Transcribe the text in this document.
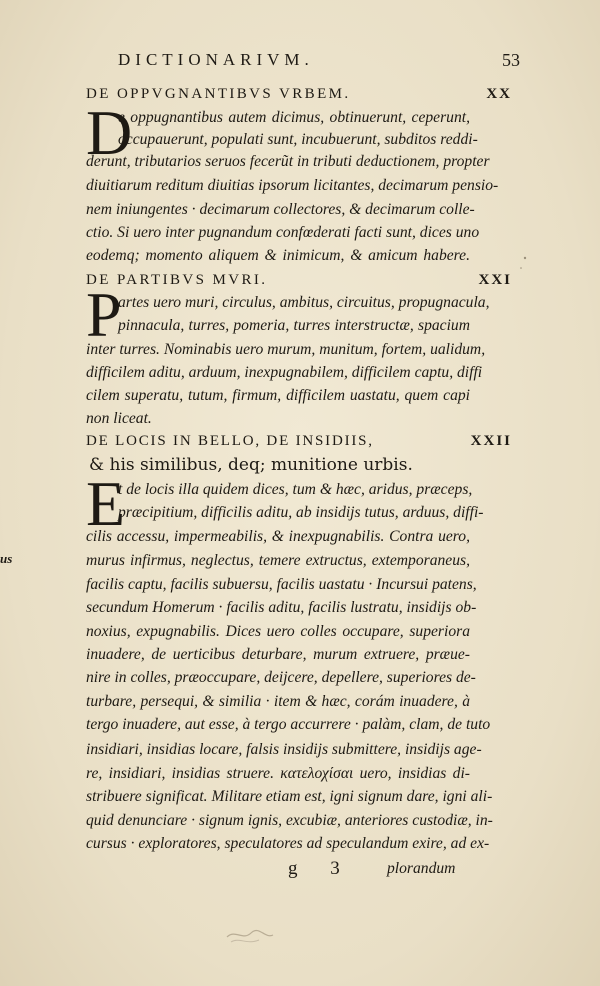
DICTIONARIVM.	53
DE OPPVGNANTIBVS VRBEM.	XX
D
e oppugnantibus autem dicimus, obtinuerunt, ceperunt,
occupauerunt, populati sunt, incubuerunt, subditos reddi-
derunt, tributarios seruos fecerũt in tributi deductionem, propter
diuitiarum reditum diuitias ipsorum licitantes, decimarum pensio-
nem iniungentes · decimarum collectores, & decimarum colle-
ctio. Si uero inter pugnandum confœderati facti sunt, dices uno
eodemq; momento aliquem & inimicum, & amicum habere.
DE PARTIBVS MVRI.	XXI
P
artes uero muri, circulus, ambitus, circuitus, propugnacula,
pinnacula, turres, pomeria, turres interstructæ, spacium
inter turres. Nominabis uero murum, munitum, fortem, ualidum,
difficilem aditu, arduum, inexpugnabilem, difficilem captu, diffi
cilem superatu, tutum, firmum, difficilem uastatu, quem capi
non liceat.
DE LOCIS IN BELLO, DE INSIDIIS,	XXII
& his similibus, deq; munitione urbis.
E
t de locis illa quidem dices, tum & hæc, aridus, præceps,
præcipitium, difficilis aditu, ab insidijs tutus, arduus, diffi-
cilis accessu, impermeabilis, & inexpugnabilis. Contra uero,
us	murus infirmus, neglectus, temere extructus, extemporaneus,
facilis captu, facilis subuersu, facilis uastatu · Incursui patens,
secundum Homerum · facilis aditu, facilis lustratu, insidijs ob-
noxius, expugnabilis. Dices uero colles occupare, superiora
inuadere, de uerticibus deturbare, murum extruere, præue-
nire in colles, præoccupare, deijcere, depellere, superiores de-
turbare, persequi, & similia · item & hæc, corám inuadere, à
tergo inuadere, aut esse, à tergo accurrere · palàm, clam, de tuto
insidiari, insidias locare, falsis insidijs submittere, insidijs age-
re, insidiari, insidias struere. κατελοχίσαι uero, insidias di-
stribuere significat. Militare etiam est, igni signum dare, igni ali-
quid denunciare · signum ignis, excubiæ, anteriores custodiæ, in-
cursus · exploratores, speculatores ad speculandum exire, ad ex-
g 3 plorandum
